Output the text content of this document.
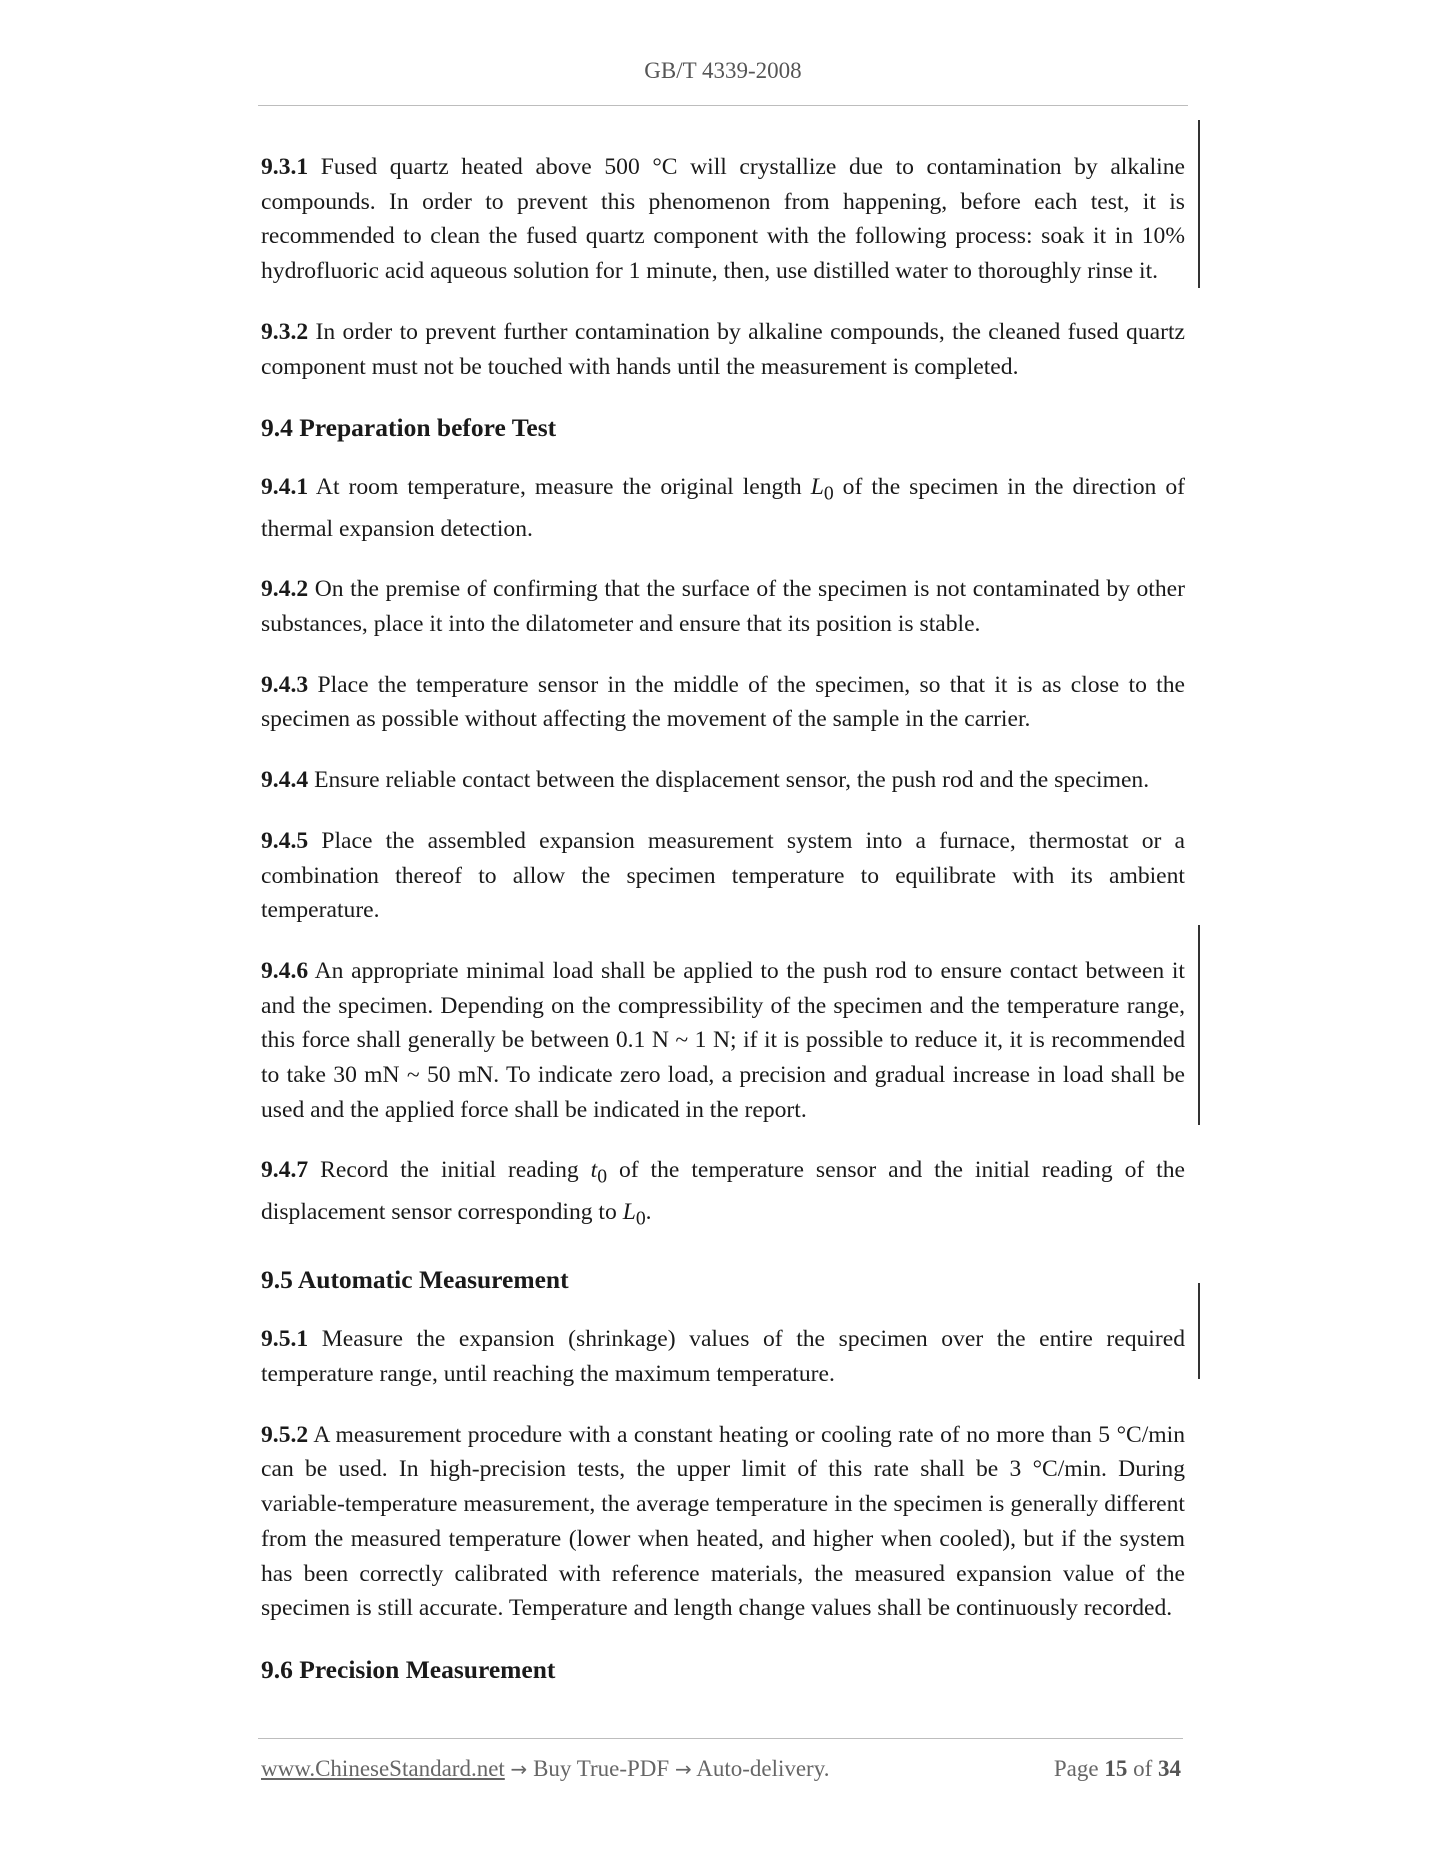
GB/T 4339-2008

9.3.1 Fused quartz heated above 500 °C will crystallize due to contamination by alkaline compounds. In order to prevent this phenomenon from happening, before each test, it is recommended to clean the fused quartz component with the following process: soak it in 10% hydrofluoric acid aqueous solution for 1 minute, then, use distilled water to thoroughly rinse it.

9.3.2 In order to prevent further contamination by alkaline compounds, the cleaned fused quartz component must not be touched with hands until the measurement is completed.

9.4 Preparation before Test

9.4.1 At room temperature, measure the original length $L_0$ of the specimen in the direction of thermal expansion detection.

9.4.2 On the premise of confirming that the surface of the specimen is not contaminated by other substances, place it into the dilatometer and ensure that its position is stable.

9.4.3 Place the temperature sensor in the middle of the specimen, so that it is as close to the specimen as possible without affecting the movement of the sample in the carrier.

9.4.4 Ensure reliable contact between the displacement sensor, the push rod and the specimen.

9.4.5 Place the assembled expansion measurement system into a furnace, thermostat or a combination thereof to allow the specimen temperature to equilibrate with its ambient temperature.

9.4.6 An appropriate minimal load shall be applied to the push rod to ensure contact between it and the specimen. Depending on the compressibility of the specimen and the temperature range, this force shall generally be between 0.1 N ~ 1 N; if it is possible to reduce it, it is recommended to take 30 mN ~ 50 mN. To indicate zero load, a precision and gradual increase in load shall be used and the applied force shall be indicated in the report.

9.4.7 Record the initial reading $t_0$ of the temperature sensor and the initial reading of the displacement sensor corresponding to $L_0$.

9.5 Automatic Measurement

9.5.1 Measure the expansion (shrinkage) values of the specimen over the entire required temperature range, until reaching the maximum temperature.

9.5.2 A measurement procedure with a constant heating or cooling rate of no more than 5 °C/min can be used. In high-precision tests, the upper limit of this rate shall be 3 °C/min. During variable-temperature measurement, the average temperature in the specimen is generally different from the measured temperature (lower when heated, and higher when cooled), but if the system has been correctly calibrated with reference materials, the measured expansion value of the specimen is still accurate. Temperature and length change values shall be continuously recorded.

9.6 Precision Measurement
www.ChineseStandard.net → Buy True-PDF → Auto-delivery.	Page 15 of 34
